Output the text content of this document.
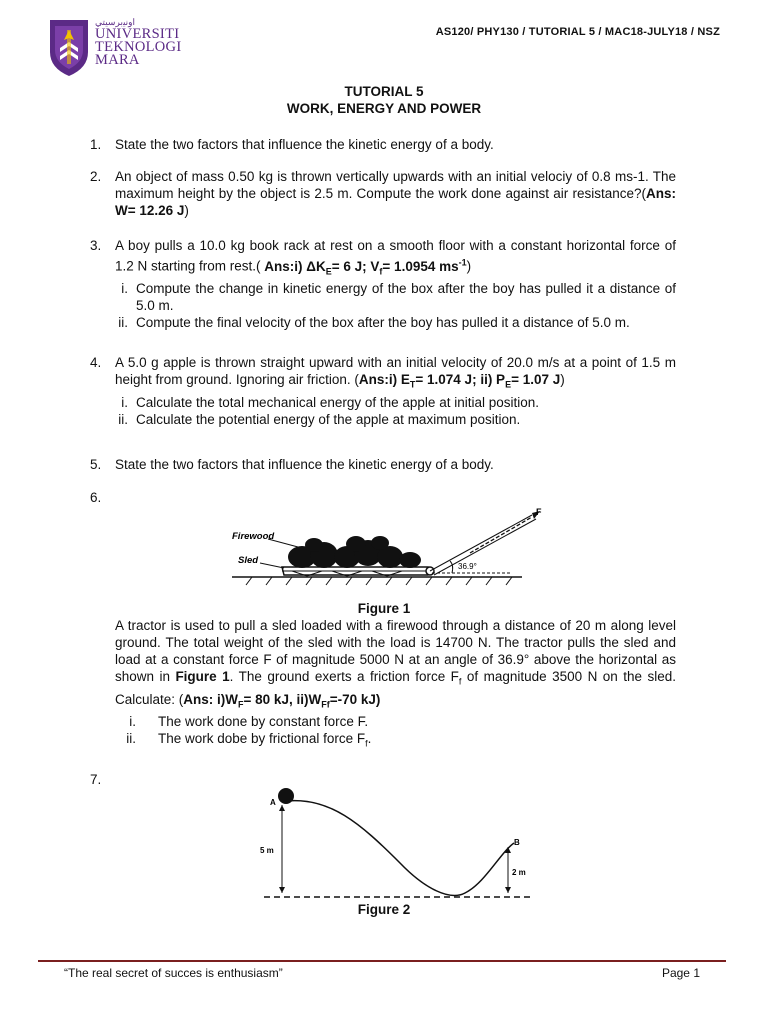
AS120/ PHY130 / TUTORIAL 5 / MAC18-JULY18 / NSZ
ﺍﻭﻧﻴﺑﺮﺳﻴﺘﻲ
UNIVERSITI
TEKNOLOGI
MARA
TUTORIAL 5
WORK, ENERGY AND POWER
1. State the two factors that influence the kinetic energy of a body.
2. An object of mass 0.50 kg is thrown vertically upwards with an initial velociy of 0.8 ms-1. The maximum height by the object is 2.5 m. Compute the work done against air resistance?(Ans: W= 12.26 J)
3. A boy pulls a 10.0 kg book rack at rest on a smooth floor with a constant horizontal force of 1.2 N starting from rest.( Ans:i) $\Delta K_E= 6$ J; $V_f= 1.0954$ $ms^{-1}$)
i. Compute the change in kinetic energy of the box after the boy has pulled it a distance of 5.0 m.
ii. Compute the final velocity of the box after the boy has pulled it a distance of 5.0 m.
4. A 5.0 g apple is thrown straight upward with an initial velocity of 20.0 m/s at a point of 1.5 m height from ground. Ignoring air friction. (Ans:i) $E_T= 1.074$ J; ii) $P_E= 1.07$ J)
i. Calculate the total mechanical energy of the apple at initial position.
ii. Calculate the potential energy of the apple at maximum position.
5. State the two factors that influence the kinetic energy of a body.
6.
Firewood
Sled
F
36.9°
Figure 1
A tractor is used to pull a sled loaded with a firewood through a distance of 20 m along level ground. The total weight of the sled with the load is 14700 N. The tractor pulls the sled and load at a constant force F of magnitude 5000 N at an angle of 36.9° above the horizontal as shown in Figure 1. The ground exerts a friction force $F_f$ of magnitude 3500 N on the sled. Calculate: (Ans: $i)W_F= 80$ kJ, $ii)W_{Ff}=-70$ kJ)
i. The work done by constant force F.
ii. The work dobe by frictional force $F_f$.
7.
A
B
5 m
2 m
Figure 2
“The real secret of succes is enthusiasm”	Page 1
